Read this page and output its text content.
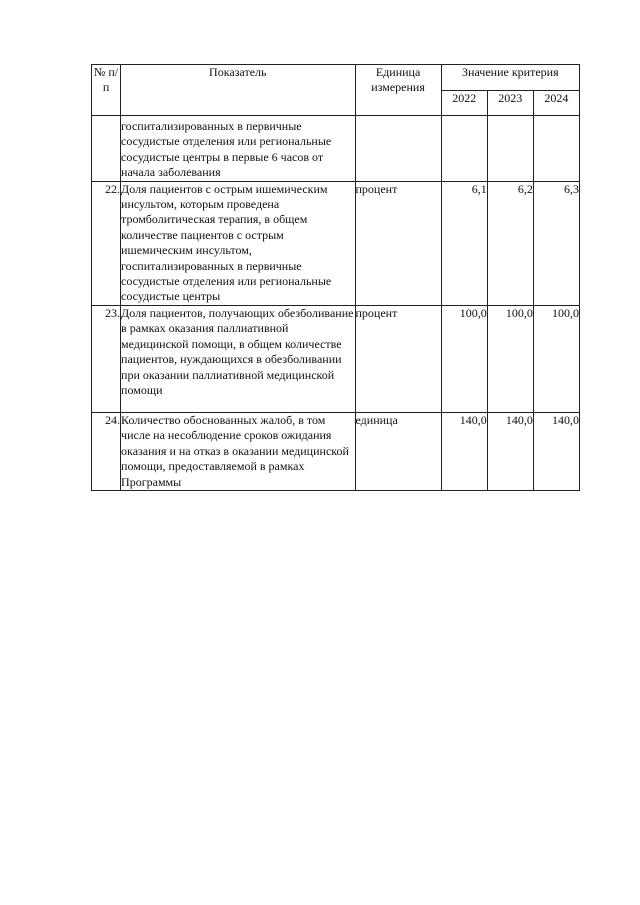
№ п/п	Показатель	Единица измерения	Значение критерия		
			2022	2023	2024
	госпитализированных в первичные сосудистые отделения или региональные сосудистые центры в первые 6 часов от начала заболевания				
22.	Доля пациентов с острым ишемическим инсультом, которым проведена тромболитическая терапия, в общем количестве пациентов с острым ишемическим инсультом, госпитализированных в первичные сосудистые отделения или региональные сосудистые центры	процент	6,1	6,2	6,3
23.	Доля пациентов, получающих обезболивание в рамках оказания паллиативной медицинской помощи, в общем количестве пациентов, нуждающихся в обезболивании при оказании паллиативной медицинской помощи	процент	100,0	100,0	100,0
24.	Количество обоснованных жалоб, в том числе на несоблюдение сроков ожидания оказания и на отказ в оказании медицинской помощи, предоставляемой в рамках Программы	единица	140,0	140,0	140,0
